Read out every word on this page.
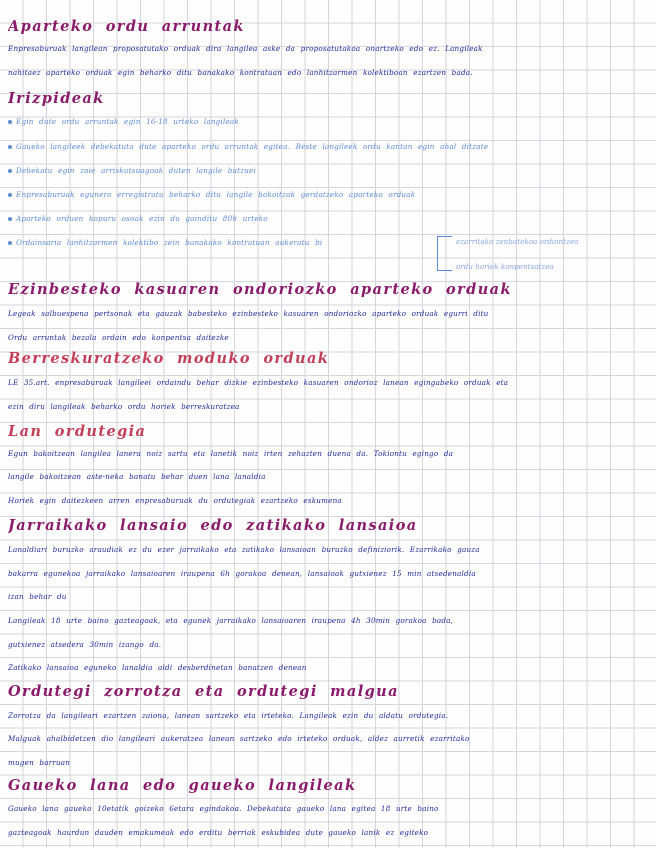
Aparteko ordu arruntak
Enpresaburuak langilean proposatutako orduak dira langilea aske da proposatutakoa onartzeko edo ez. Langileak
nahitaez aparteko orduak egin beharko ditu banakako kontratuan edo lanhitzarmen kolektiboan ezartzen bada.
Irizpideak
Egin dute ordu arruntak egin 16-18 urteko langileak
Gaueko langileek debekatuta dute aparteko ordu arruntak egitea. Beste langileek ordu kantan egin ahal ditzate
Debekatu egin zaie arriskutsuagoak duten langile batzuei
Enpresaburuak egunero erregistratu beharko ditu langile bakoitzak gerdatzeko aparteko orduak
Aparteko orduen kopuru osoak ezin du gainditu 80h urteko
Ordainsaria lanhitzarmen kolektibo zein banakako kontratuan aukeratu bi	ezarritako zenbatekoa ordaintzea
ordu horiek konpentsatzea
Ezinbesteko kasuaren ondoriozko aparteko orduak
Legeak salbuespena pertsonak eta gauzak babesteko ezinbesteko kasuaren ondoriozko aparteko orduak egurri ditu
Ordu arruntak bezala ordain edo konpentsa daitezke
Berreskuratzeko moduko orduak
LE 35.art. enpresaburuak langileei ordaindu behar dizkie ezinbesteko kasuaren ondorioz lanean egingabeko orduak eta
ezin diru langileak beharko ordu horiek berreskuratzea
Lan ordutegia
Egun bakoitzean langilea lanera noiz sartu eta lanetik noiz irten zehazten duena da. Tokiontu egingo da
langile bakoitzean aste-neka banatu behar duen lana lanaldia
Horiek egin daitezkeen arren enpresaburuak du ordutegiak ezartzeko eskumena
Jarraikako lansaio edo zatikako lansaioa
Lanaldiari buruzko araudiak ez du ezer jarraikako eta zatikako lansaioan buruzko definiziorik. Ezarrikako gauza
bakarra egunekoa jarraikako lansaioaren iraupena 6h gorakoa denean, lansaioak gutxienez 15 min atsedenaldia
izan behar du
Langileak 18 urte baino gazteagoak, eta egunek jarraikako lansaioaren iraupena 4h 30min gorakoa bada,
gutxienez atsedera 30min izango da.
Zatikako lansaioa eguneko lanaldia aldi desberdinetan banatzen denean
Ordutegi zorrotza eta ordutegi malgua
Zorrotza da langileari ezartzen zaiona, lanean sartzeko eta irteteko. Langileak ezin du aldatu ordutegia.
Malguak ahalbidetzen dio langileari aukeratzea lanean sartzeko edo irteteko orduak, aldez aurretik ezarritako
mugen barruan
Gaueko lana edo gaueko langileak
Gaueko lana gaueko 10etatik goizeko 6etara egindakoa. Debekatuta gaueko lana egitea 18 urte baino
gazteagoak haurdun dauden emakumeak edo erditu berriak eskubidea dute gaueko lanik ez egiteko
